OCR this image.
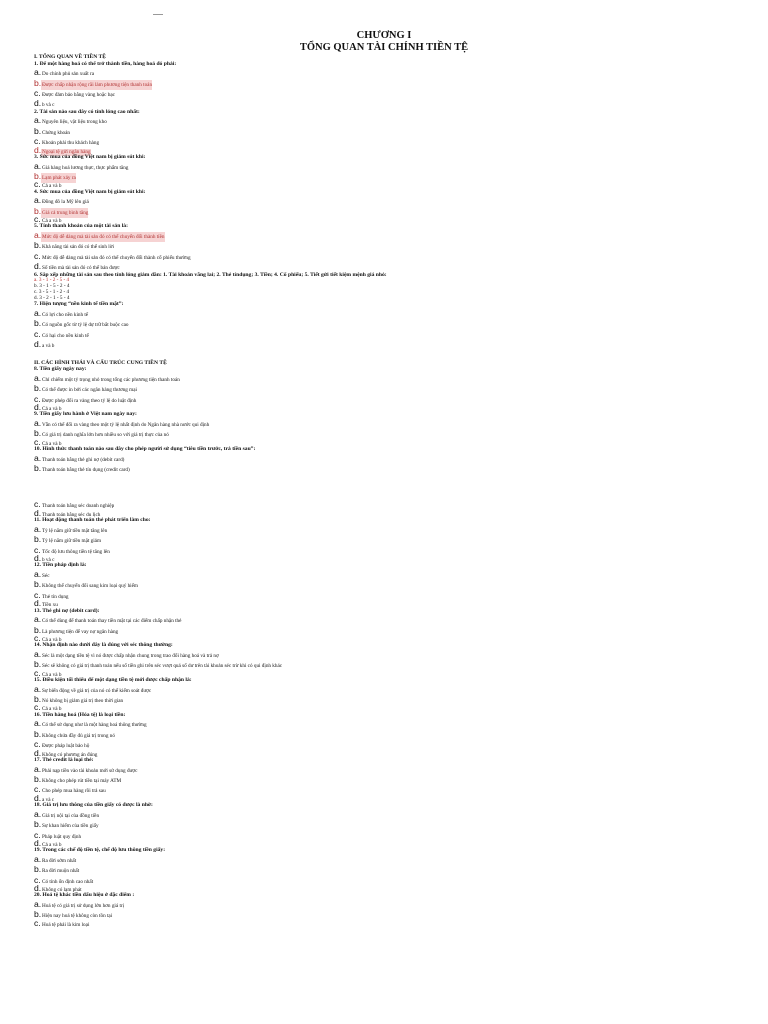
CHƯƠNG I
TỔNG QUAN TÀI CHÍNH TIỀN TỆ
I. TỔNG QUAN VỀ TIỀN TỆ
1. Để một hàng hoá có thể trở thành tiền, hàng hoá đó phải:
a. Do chính phủ sản xuất ra
b. Được chấp nhận rộng rãi làm phương tiện thanh toán
c. Được đảm bảo bằng vàng hoặc bạc
d. b và c
2. Tài sản nào sau đây có tính lỏng cao nhất:
a. Nguyên liệu, vật liệu trong kho
b. Chứng khoán
c. Khoản phải thu khách hàng
d. Ngoại tệ gửi ngân hàng
3. Sức mua của đồng Việt nam bị giảm sút khi:
a. Giá hàng hoá lương thực, thực phẩm tăng
b. Lạm phát xảy ra
c. Cả a và b
4. Sức mua của đồng Việt nam bị giảm sút khi:
a. Đồng đô la Mỹ lên giá
b. Giá cả trung bình tăng
c. Cả a và b
5. Tính thanh khoản của một tài sản là:
a. Mức độ dễ dàng mà tài sản đó có thể chuyển đổi thành tiền
b. Khả năng tài sản đó có thể sinh lời
c. Mức độ dễ dàng mà tài sản đó có thể chuyển đổi thành cổ phiếu thường
d. Số tiền mà tài sản đó có thể bán được
6. Sắp xếp những tài sản sau theo tính lỏng giảm dần: 1. Tài khoản vãng lai; 2. Thẻ tíndụng; 3. Tiền; 4. Cổ phiếu; 5. Tiết gửi tiết kiệm mệnh giá nhỏ:
a. 3 - 1 - 2 - 5 - 4
b. 3 - 1 - 5 - 2 - 4
c. 3 - 5 - 1 - 2 - 4
d. 3 - 2 - 1 - 5 - 4
7. Hiện tượng “nền kinh tế tiền mặt”:
a. Có lợi cho nền kinh tế
b. Có nguồn gốc từ tỷ lệ dự trữ bắt buộc cao
c. Có hại cho nền kinh tế
d. a và b
II. CÁC HÌNH THÁI VÀ CẤU TRÚC CUNG TIỀN TỆ
8. Tiền giấy ngày nay:
a. Chỉ chiếm một tỷ trọng nhỏ trong tổng các phương tiện thanh toán
b. Có thể được in bởi các ngân hàng thương mại
c. Được phép đổi ra vàng theo tỷ lệ do luật định
d. Cả a và b
9. Tiền giấy lưu hành ở Việt nam ngày nay:
a. Vẫn có thể đổi ra vàng theo một tỷ lệ nhất định do Ngân hàng nhà nước qui định
b. Có giá trị danh nghĩa lớn hơn nhiều so với giá trị thực của nó
c. Cả a và b
10. Hình thức thanh toán nào sau đây cho phép người sử dụng “tiêu tiền trước, trả tiền sau”:
a. Thanh toán bằng thẻ ghi nợ (debit card)
b. Thanh toán bằng thẻ tín dụng (credit card)
c. Thanh toán bằng séc doanh nghiệp
d. Thanh toán bằng séc du lịch
11. Hoạt động thanh toán thẻ phát triển làm cho:
a. Tỷ lệ nắm giữ tiền mặt tăng lên
b. Tỷ lệ nắm giữ tiền mặt giảm
c. Tốc độ lưu thông tiền tệ tăng lên
d. b và c
12. Tiền pháp định là:
a. Séc
b. Không thể chuyển đổi sang kim loại quý hiếm
c. Thẻ tín dụng
d. Tiền xu
13. Thẻ ghi nợ (debit card):
a. Có thể dùng để thanh toán thay tiền mặt tại các điểm chấp nhận thẻ
b. Là phương tiện để vay nợ ngân hàng
c. Cả a và b
14. Nhận định nào dưới đây là đúng với séc thông thường:
a. Séc là một dạng tiền tệ vì nó được chấp nhận chung trong trao đổi hàng hoá và trả nợ
b. Séc sẽ không có giá trị thanh toán nếu số tiền ghi trên séc vượt quá số dư trên tài khoản séc trừ khi có qui định khác
c. Cả a và b
15. Điều kiện tối thiểu để một dạng tiền tệ mới được chấp nhận là:
a. Sự biến động về giá trị của nó có thể kiểm soát được
b. Nó không bị giảm giá trị theo thời gian
c. Cả a và b
16. Tiền hàng hoá (Hóa tệ) là loại tiền:
a. Có thể sử dụng như là một hàng hoá thông thường
b. Không chứa đầy đủ giá trị trong nó
c. Được pháp luật bảo hộ
d. Không có phương án đúng
17. Thẻ credit là loại thẻ:
a. Phải nạp tiền vào tài khoản mới sử dụng được
b. Không cho phép rút tiền tại máy ATM
c. Cho phép mua hàng rồi trả sau
d. a và c
18. Giá trị lưu thông của tiền giấy có được là nhờ:
a. Giá trị nội tại của đồng tiền
b. Sự khan hiếm của tiền giấy
c. Pháp luật quy định
d. Cả a và b
19. Trong các chế độ tiền tệ, chế độ lưu thông tiền giấy:
a. Ra đời sớm nhất
b. Ra đời muộn nhất
c. Có tính ổn định cao nhất
d. Không có lạm phát
20. Hoá tệ khác tiền dấu hiệu ở đặc điểm :
a. Hoá tệ có giá trị sử dụng lớn hơn giá trị
b. Hiện nay hoá tệ không còn tồn tại
c. Hoá tệ phải là kim loại
